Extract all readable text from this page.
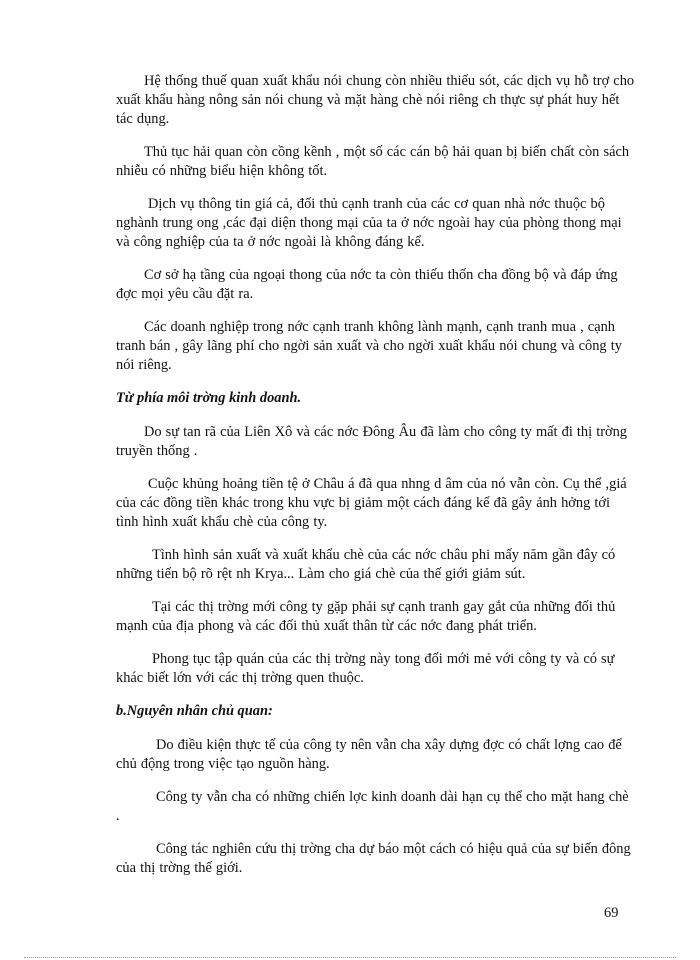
Hệ thống thuế quan xuất khẩu nói chung còn nhiều thiếu sót, các dịch vụ hỗ trợ cho xuất khẩu hàng nông sản nói chung và mặt hàng chè nói riêng ch thực sự phát huy hết tác dụng.

Thủ tục hải quan còn cồng kềnh , một số các cán bộ hải quan bị biến chất còn sách nhiễu có những biểu hiện không tốt.

Dịch vụ thông tin giá cả, đối thủ cạnh tranh của các cơ quan nhà nớc thuộc bộ nghành trung ong ,các đại diện thong mại của ta ở nớc ngoài hay của phòng thong mại và công nghiệp của ta ở nớc ngoài là không đáng kể.

Cơ sở hạ tầng của ngoại thong của nớc ta còn thiếu thốn cha đồng bộ và đáp ứng đợc mọi yêu cầu đặt ra.

Các doanh nghiệp trong nớc cạnh tranh không lành mạnh, cạnh tranh mua , cạnh tranh bán , gây lãng phí cho ngời sản xuất và cho ngời xuất khẩu nói chung và công ty nói riêng.

Từ phía môi trờng kinh doanh.

Do sự tan rã của Liên Xô và các nớc Đông Âu đã làm cho công ty mất đi thị trờng truyền thống .

Cuộc khủng hoảng tiền tệ ở Châu á đã qua nhng d âm của nó vẫn còn. Cụ thể ,giá của các đồng tiền khác trong khu vực bị giảm một cách đáng kể đã gây ảnh hởng tới tình hình xuất khẩu chè của công ty.

Tình hình sản xuất và xuất khẩu chè của các nớc châu phi mấy năm gần đây có những tiến bộ rõ rệt nh Krya... Làm cho giá chè của thế giới giảm sút.

Tại các thị trờng mới công ty gặp phải sự cạnh tranh gay gắt của những đối thủ mạnh của địa phong và các đối thủ xuất thân từ các nớc đang phát triển.

Phong tục tập quán của các thị trờng này tong đối mới mẻ với công ty và có sự khác biết lớn với các thị trờng quen thuộc.

b.Nguyên nhân chủ quan:

Do điều kiện thực tế của công ty nên vẫn cha xây dựng đợc có chất lợng cao để chủ động trong việc tạo nguồn hàng.

Công ty vẫn cha có những chiến lợc kinh doanh dài hạn cụ thể cho mặt hang chè .

Công tác nghiên cứu thị trờng cha dự báo một cách có hiệu quả của sự biến đông của thị trờng thế giới.

69
